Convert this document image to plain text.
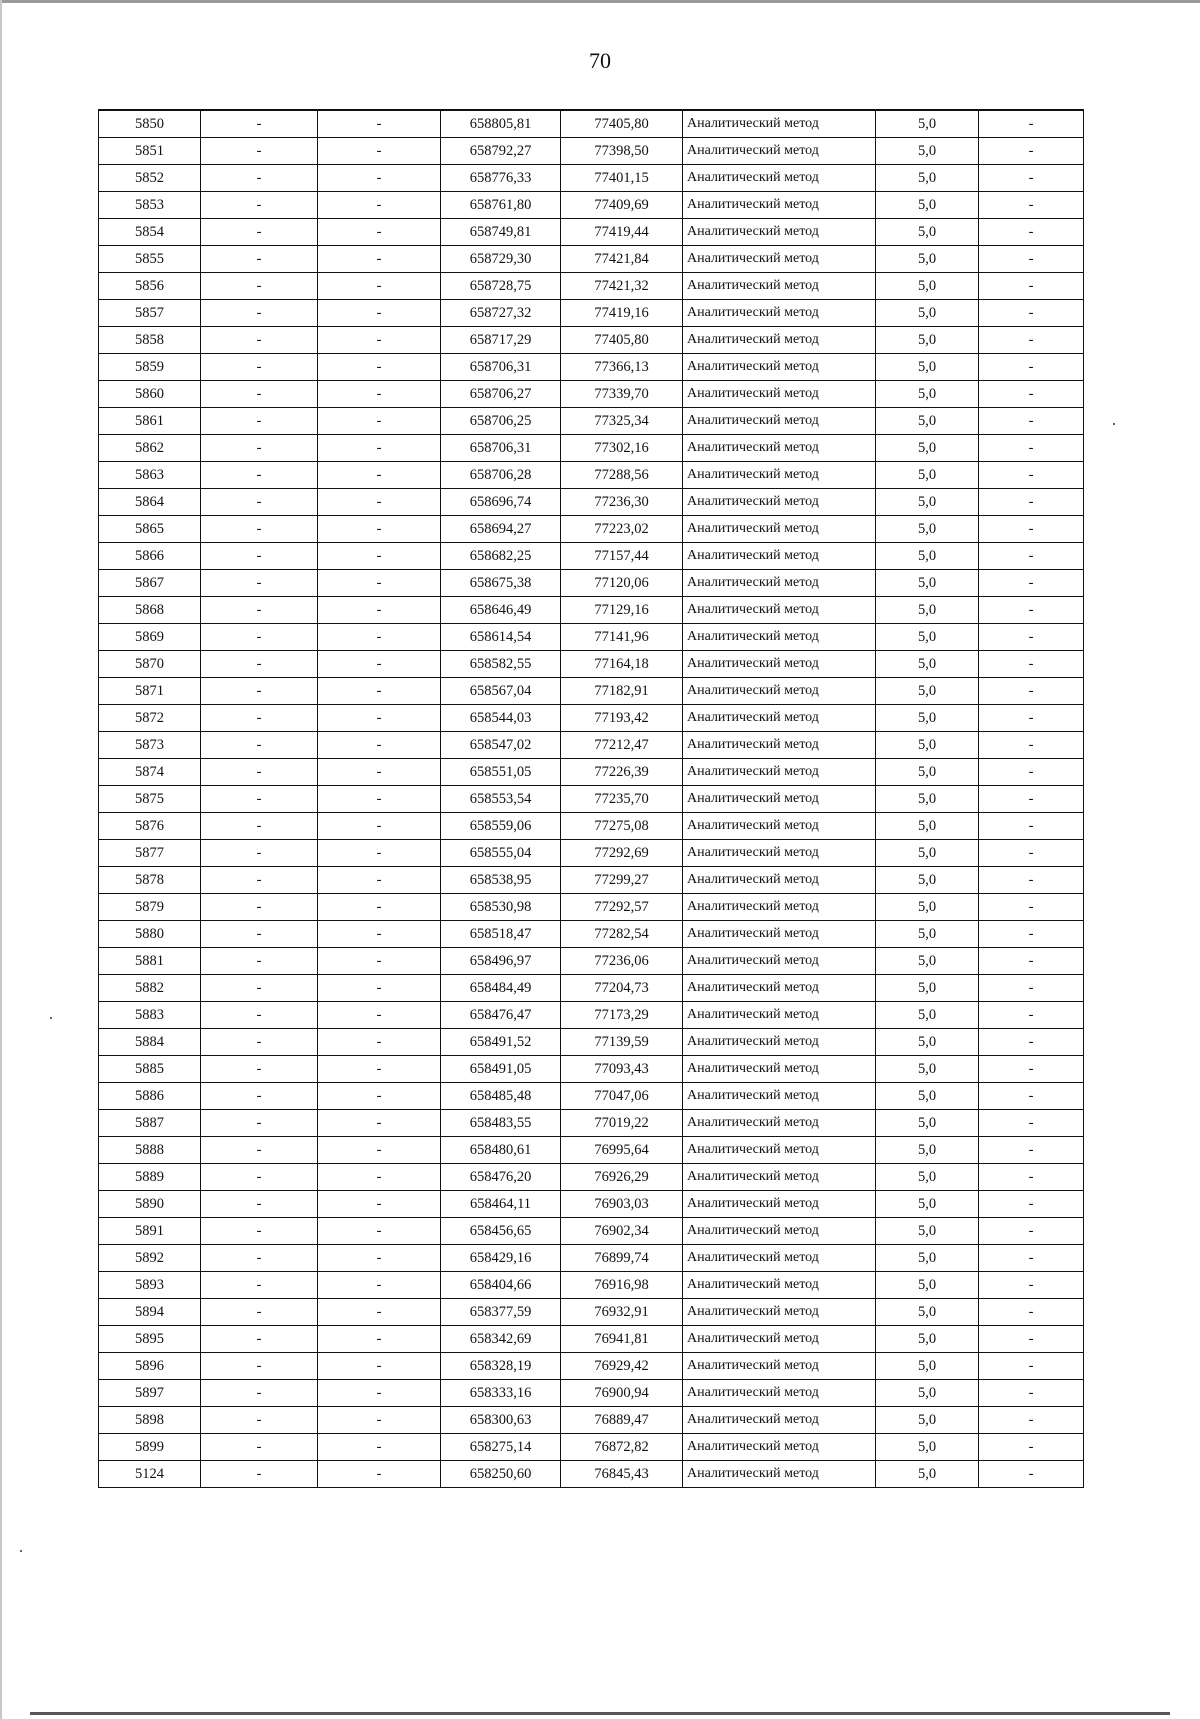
70
5850	-	-	658805,81	77405,80	Аналитический метод	5,0	-
5851	-	-	658792,27	77398,50	Аналитический метод	5,0	-
5852	-	-	658776,33	77401,15	Аналитический метод	5,0	-
5853	-	-	658761,80	77409,69	Аналитический метод	5,0	-
5854	-	-	658749,81	77419,44	Аналитический метод	5,0	-
5855	-	-	658729,30	77421,84	Аналитический метод	5,0	-
5856	-	-	658728,75	77421,32	Аналитический метод	5,0	-
5857	-	-	658727,32	77419,16	Аналитический метод	5,0	-
5858	-	-	658717,29	77405,80	Аналитический метод	5,0	-
5859	-	-	658706,31	77366,13	Аналитический метод	5,0	-
5860	-	-	658706,27	77339,70	Аналитический метод	5,0	-
5861	-	-	658706,25	77325,34	Аналитический метод	5,0	-
5862	-	-	658706,31	77302,16	Аналитический метод	5,0	-
5863	-	-	658706,28	77288,56	Аналитический метод	5,0	-
5864	-	-	658696,74	77236,30	Аналитический метод	5,0	-
5865	-	-	658694,27	77223,02	Аналитический метод	5,0	-
5866	-	-	658682,25	77157,44	Аналитический метод	5,0	-
5867	-	-	658675,38	77120,06	Аналитический метод	5,0	-
5868	-	-	658646,49	77129,16	Аналитический метод	5,0	-
5869	-	-	658614,54	77141,96	Аналитический метод	5,0	-
5870	-	-	658582,55	77164,18	Аналитический метод	5,0	-
5871	-	-	658567,04	77182,91	Аналитический метод	5,0	-
5872	-	-	658544,03	77193,42	Аналитический метод	5,0	-
5873	-	-	658547,02	77212,47	Аналитический метод	5,0	-
5874	-	-	658551,05	77226,39	Аналитический метод	5,0	-
5875	-	-	658553,54	77235,70	Аналитический метод	5,0	-
5876	-	-	658559,06	77275,08	Аналитический метод	5,0	-
5877	-	-	658555,04	77292,69	Аналитический метод	5,0	-
5878	-	-	658538,95	77299,27	Аналитический метод	5,0	-
5879	-	-	658530,98	77292,57	Аналитический метод	5,0	-
5880	-	-	658518,47	77282,54	Аналитический метод	5,0	-
5881	-	-	658496,97	77236,06	Аналитический метод	5,0	-
5882	-	-	658484,49	77204,73	Аналитический метод	5,0	-
5883	-	-	658476,47	77173,29	Аналитический метод	5,0	-
5884	-	-	658491,52	77139,59	Аналитический метод	5,0	-
5885	-	-	658491,05	77093,43	Аналитический метод	5,0	-
5886	-	-	658485,48	77047,06	Аналитический метод	5,0	-
5887	-	-	658483,55	77019,22	Аналитический метод	5,0	-
5888	-	-	658480,61	76995,64	Аналитический метод	5,0	-
5889	-	-	658476,20	76926,29	Аналитический метод	5,0	-
5890	-	-	658464,11	76903,03	Аналитический метод	5,0	-
5891	-	-	658456,65	76902,34	Аналитический метод	5,0	-
5892	-	-	658429,16	76899,74	Аналитический метод	5,0	-
5893	-	-	658404,66	76916,98	Аналитический метод	5,0	-
5894	-	-	658377,59	76932,91	Аналитический метод	5,0	-
5895	-	-	658342,69	76941,81	Аналитический метод	5,0	-
5896	-	-	658328,19	76929,42	Аналитический метод	5,0	-
5897	-	-	658333,16	76900,94	Аналитический метод	5,0	-
5898	-	-	658300,63	76889,47	Аналитический метод	5,0	-
5899	-	-	658275,14	76872,82	Аналитический метод	5,0	-
5124	-	-	658250,60	76845,43	Аналитический метод	5,0	-
